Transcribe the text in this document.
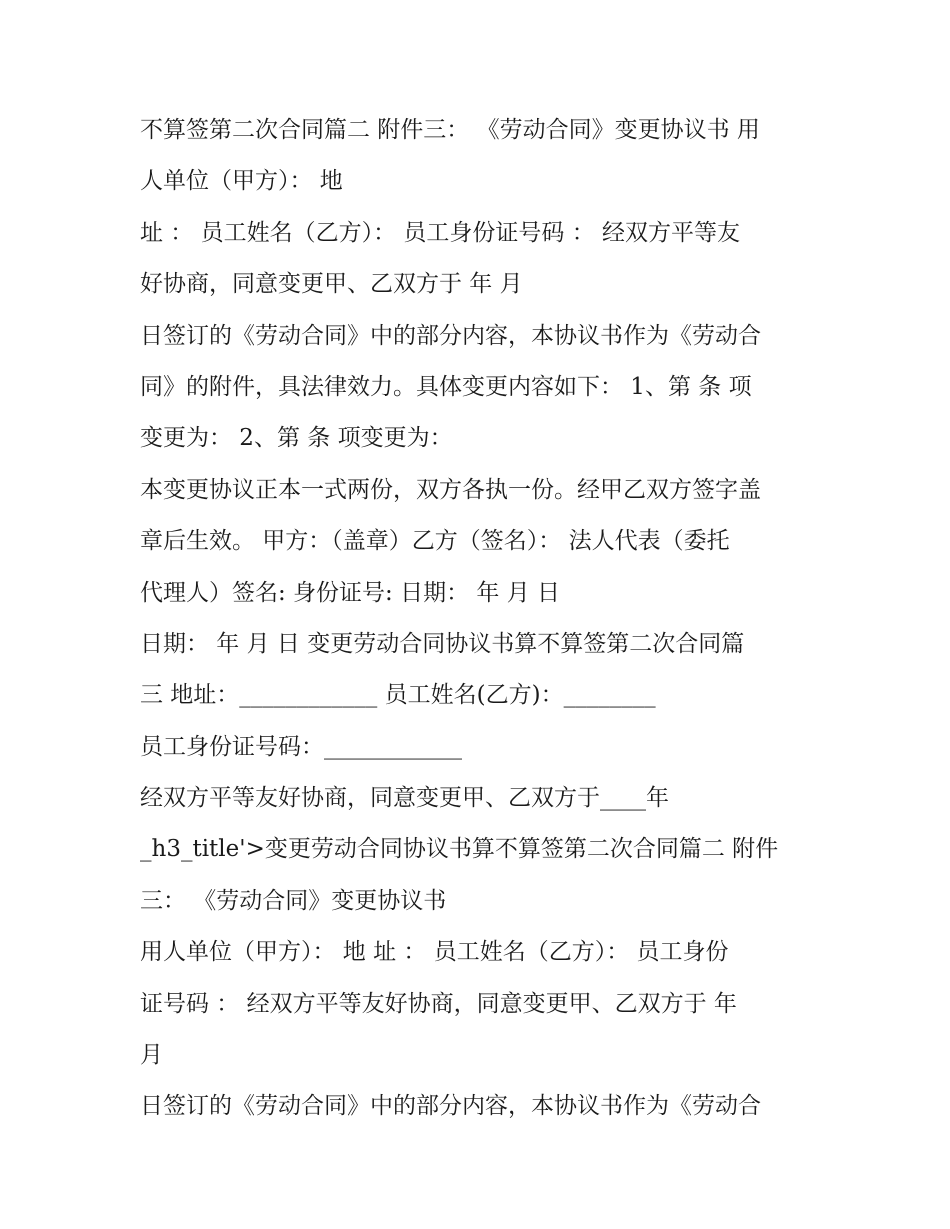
不算签第二次合同篇二 附件三： 《劳动合同》变更协议书 用
人单位（甲方）： 地
址 ： 员工姓名（乙方）： 员工身份证号码 ： 经双方平等友
好协商，同意变更甲、乙双方于 年 月
日签订的《劳动合同》中的部分内容，本协议书作为《劳动合
同》的附件，具法律效力。具体变更内容如下： 1、第 条 项
变更为： 2、第 条 项变更为：
本变更协议正本一式两份，双方各执一份。经甲乙双方签字盖
章后生效。 甲方：（盖章）乙方（签名）： 法人代表（委托
代理人）签名: 身份证号: 日期： 年 月 日
日期： 年 月 日 变更劳动合同协议书算不算签第二次合同篇
三 地址：____________ 员工姓名(乙方)：________
员工身份证号码：____________
经双方平等友好协商，同意变更甲、乙双方于____年
_h3_title'>变更劳动合同协议书算不算签第二次合同篇二 附件
三： 《劳动合同》变更协议书
用人单位（甲方）： 地 址 ： 员工姓名（乙方）： 员工身份
证号码 ： 经双方平等友好协商，同意变更甲、乙双方于 年
月
日签订的《劳动合同》中的部分内容，本协议书作为《劳动合
